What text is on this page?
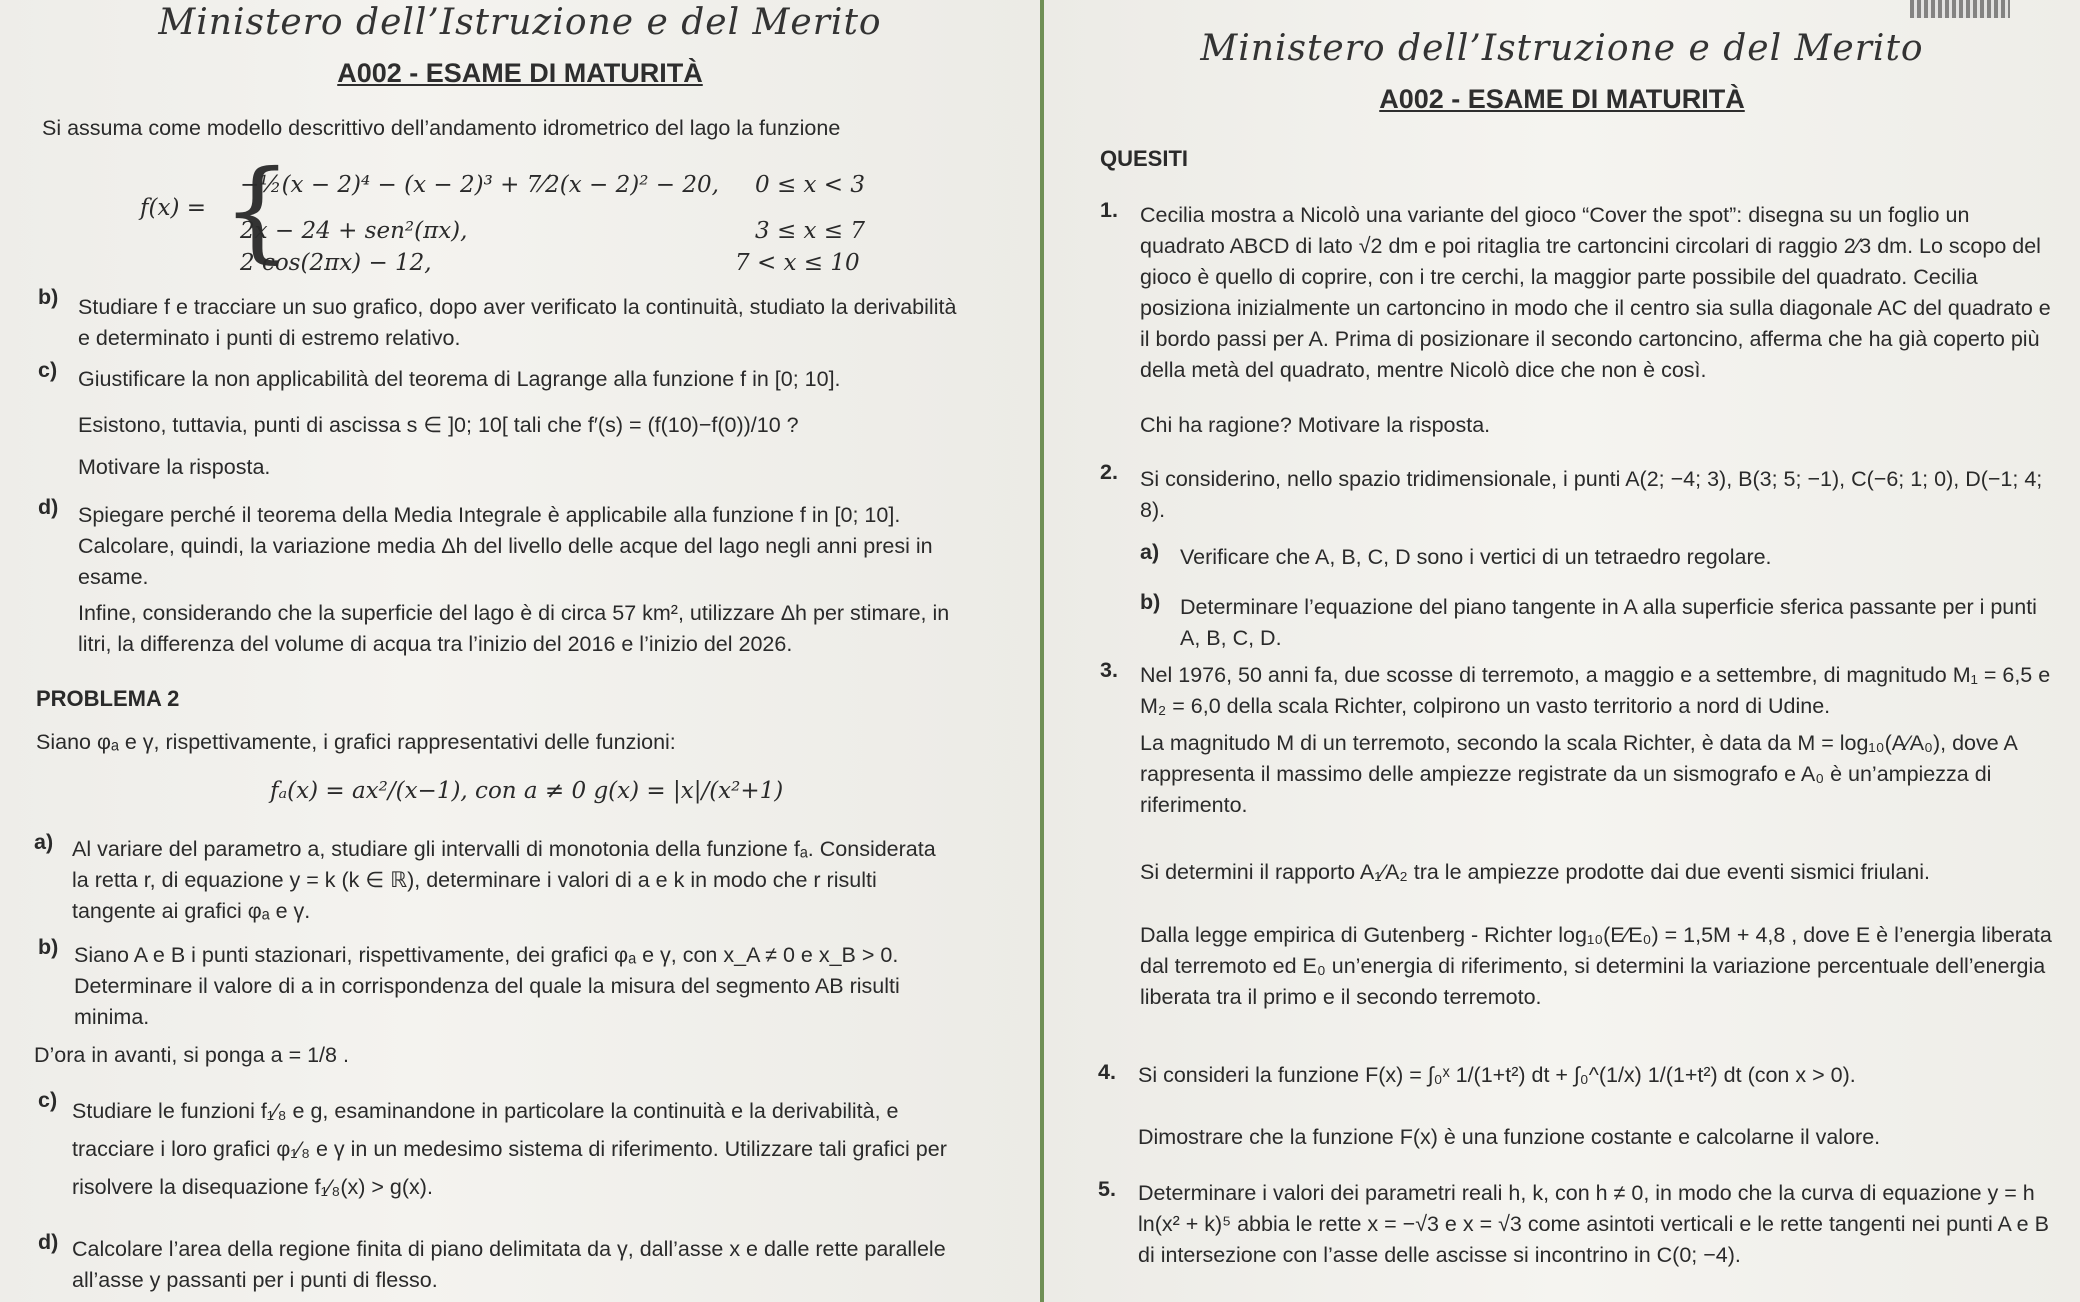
Ministero dell’Istruzione e del Merito
A002 - ESAME DI MATURITÀ
Si assuma come modello descrittivo dell’andamento idrometrico del lago la funzione
f(x) = {
−½(x − 2)⁴ − (x − 2)³ + 7⁄2(x − 2)² − 20, 0 ≤ x < 3
2x − 24 + sen²(πx),	3 ≤ x ≤ 7
2 cos(2πx) − 12,	7 < x ≤ 10
b) Studiare f e tracciare un suo grafico, dopo aver verificato la continuità, studiato la derivabilità e determinato i punti di estremo relativo.
c) Giustificare la non applicabilità del teorema di Lagrange alla funzione f in [0; 10].
Esistono, tuttavia, punti di ascissa s ∈ ]0; 10[ tali che f′(s) = (f(10)−f(0))/10 ?
Motivare la risposta.
d) Spiegare perché il teorema della Media Integrale è applicabile alla funzione f in [0; 10]. Calcolare, quindi, la variazione media Δh del livello delle acque del lago negli anni presi in esame.
Infine, considerando che la superficie del lago è di circa 57 km², utilizzare Δh per stimare, in litri, la differenza del volume di acqua tra l’inizio del 2016 e l’inizio del 2026.
PROBLEMA 2
Siano φₐ e γ, rispettivamente, i grafici rappresentativi delle funzioni:
fₐ(x) = ax²/(x−1), con a ≠ 0 g(x) = |x|/(x²+1)
a) Al variare del parametro a, studiare gli intervalli di monotonia della funzione fₐ. Considerata la retta r, di equazione y = k (k ∈ ℝ), determinare i valori di a e k in modo che r risulti tangente ai grafici φₐ e γ.
b) Siano A e B i punti stazionari, rispettivamente, dei grafici φₐ e γ, con x_A ≠ 0 e x_B > 0. Determinare il valore di a in corrispondenza del quale la misura del segmento AB risulti minima.
D’ora in avanti, si ponga a = 1/8 .
c) Studiare le funzioni f₁⁄₈ e g, esaminandone in particolare la continuità e la derivabilità, e tracciare i loro grafici φ₁⁄₈ e γ in un medesimo sistema di riferimento. Utilizzare tali grafici per risolvere la disequazione f₁⁄₈(x) > g(x).
d) Calcolare l’area della regione finita di piano delimitata da γ, dall’asse x e dalle rette parallele all’asse y passanti per i punti di flesso.
Ministero dell’Istruzione e del Merito
A002 - ESAME DI MATURITÀ
QUESITI
1. Cecilia mostra a Nicolò una variante del gioco “Cover the spot”: disegna su un foglio un quadrato ABCD di lato √2 dm e poi ritaglia tre cartoncini circolari di raggio 2⁄3 dm. Lo scopo del gioco è quello di coprire, con i tre cerchi, la maggior parte possibile del quadrato. Cecilia posiziona inizialmente un cartoncino in modo che il centro sia sulla diagonale AC del quadrato e il bordo passi per A. Prima di posizionare il secondo cartoncino, afferma che ha già coperto più della metà del quadrato, mentre Nicolò dice che non è così.
Chi ha ragione? Motivare la risposta.
2. Si considerino, nello spazio tridimensionale, i punti A(2; −4; 3), B(3; 5; −1), C(−6; 1; 0), D(−1; 4; 8).
a) Verificare che A, B, C, D sono i vertici di un tetraedro regolare.
b) Determinare l’equazione del piano tangente in A alla superficie sferica passante per i punti A, B, C, D.
3. Nel 1976, 50 anni fa, due scosse di terremoto, a maggio e a settembre, di magnitudo M₁ = 6,5 e M₂ = 6,0 della scala Richter, colpirono un vasto territorio a nord di Udine.
La magnitudo M di un terremoto, secondo la scala Richter, è data da M = log₁₀(A⁄A₀), dove A rappresenta il massimo delle ampiezze registrate da un sismografo e A₀ è un’ampiezza di riferimento.
Si determini il rapporto A₁⁄A₂ tra le ampiezze prodotte dai due eventi sismici friulani.
Dalla legge empirica di Gutenberg - Richter log₁₀(E⁄E₀) = 1,5M + 4,8 , dove E è l’energia liberata dal terremoto ed E₀ un’energia di riferimento, si determini la variazione percentuale dell’energia liberata tra il primo e il secondo terremoto.
4. Si consideri la funzione F(x) = ∫₀ˣ 1/(1+t²) dt + ∫₀^(1/x) 1/(1+t²) dt (con x > 0).
Dimostrare che la funzione F(x) è una funzione costante e calcolarne il valore.
5. Determinare i valori dei parametri reali h, k, con h ≠ 0, in modo che la curva di equazione y = h ln(x² + k)⁵ abbia le rette x = −√3 e x = √3 come asintoti verticali e le rette tangenti nei punti A e B di intersezione con l’asse delle ascisse si incontrino in C(0; −4).
